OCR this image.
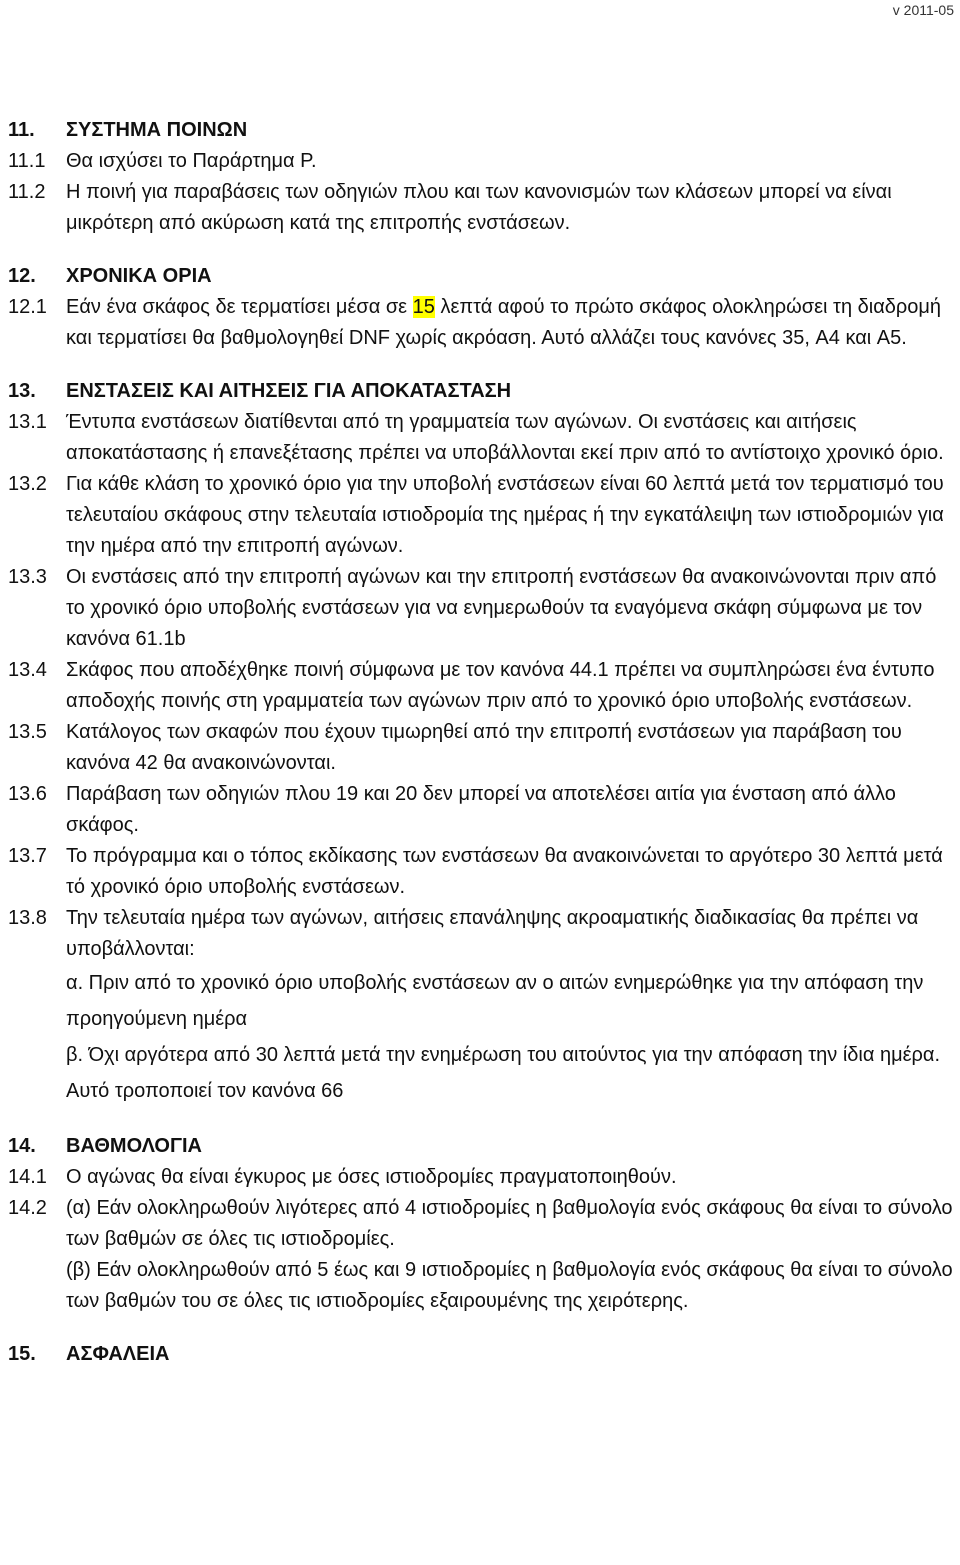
v 2011-05
11.	ΣΥΣΤΗΜΑ ΠΟΙΝΩΝ
11.1	Θα ισχύσει το Παράρτημα Ρ.
11.2	Η ποινή για παραβάσεις των οδηγιών πλου και των κανονισμών των κλάσεων μπορεί να είναι μικρότερη από ακύρωση κατά της επιτροπής ενστάσεων.
12.	ΧΡΟΝΙΚΑ ΟΡΙΑ
12.1 Εάν ένα σκάφος δε τερματίσει μέσα σε 15 λεπτά αφού το πρώτο σκάφος ολοκληρώσει τη διαδρομή και τερματίσει θα βαθμολογηθεί DNF χωρίς ακρόαση. Αυτό αλλάζει τους κανόνες 35, A4 και A5.
13.	ΕΝΣΤΑΣΕΙΣ ΚΑΙ ΑΙΤΗΣΕΙΣ ΓΙΑ ΑΠΟΚΑΤΑΣΤΑΣΗ
13.1 Έντυπα ενστάσεων διατίθενται από τη γραμματεία των αγώνων. Οι ενστάσεις και αιτήσεις αποκατάστασης ή επανεξέτασης πρέπει να υποβάλλονται εκεί πριν από το αντίστοιχο χρονικό όριο.
13.2 Για κάθε κλάση το χρονικό όριο για την υποβολή ενστάσεων είναι 60 λεπτά μετά τον τερματισμό του τελευταίου σκάφους στην τελευταία ιστιοδρομία της ημέρας ή την εγκατάλειψη των ιστιοδρομιών για την ημέρα από την επιτροπή αγώνων.
13.3 Οι ενστάσεις από την επιτροπή αγώνων και την επιτροπή ενστάσεων θα ανακοινώνονται πριν από το χρονικό όριο υποβολής ενστάσεων για να ενημερωθούν τα εναγόμενα σκάφη σύμφωνα με τον κανόνα 61.1b
13.4 Σκάφος που αποδέχθηκε ποινή σύμφωνα με τον κανόνα 44.1 πρέπει να συμπληρώσει ένα έντυπο αποδοχής ποινής στη γραμματεία των αγώνων πριν από το χρονικό όριο υποβολής ενστάσεων.
13.5 Κατάλογος των σκαφών που έχουν τιμωρηθεί από την επιτροπή ενστάσεων για παράβαση του κανόνα 42 θα ανακοινώνονται.
13.6 Παράβαση των οδηγιών πλου 19 και 20 δεν μπορεί να αποτελέσει αιτία για ένσταση από άλλο σκάφος.
13.7 Το πρόγραμμα και ο τόπος εκδίκασης των ενστάσεων θα ανακοινώνεται το αργότερο 30 λεπτά μετά τό χρονικό όριο υποβολής ενστάσεων.
13.8 Την τελευταία ημέρα των αγώνων, αιτήσεις επανάληψης ακροαματικής διαδικασίας θα πρέπει να υποβάλλονται:

α. Πριν από το χρονικό όριο υποβολής ενστάσεων αν ο αιτών ενημερώθηκε για την απόφαση την προηγούμενη ημέρα

β. Όχι αργότερα από 30 λεπτά μετά την ενημέρωση του αιτούντος για την απόφαση την ίδια ημέρα.

Αυτό τροποποιεί τον κανόνα 66

14.	ΒΑΘΜΟΛΟΓΙΑ
14.1 Ο αγώνας θα είναι έγκυρος με όσες ιστιοδρομίες πραγματοποιηθούν.
14.2 (α) Εάν ολοκληρωθούν λιγότερες από 4 ιστιοδρομίες η βαθμολογία ενός σκάφους θα είναι το σύνολο των βαθμών σε όλες τις ιστιοδρομίες.
(β) Εάν ολοκληρωθούν από 5 έως και 9 ιστιοδρομίες η βαθμολογία ενός σκάφους θα είναι το σύνολο των βαθμών του σε όλες τις ιστιοδρομίες εξαιρουμένης της χειρότερης.
15.	ΑΣΦΑΛΕΙΑ
